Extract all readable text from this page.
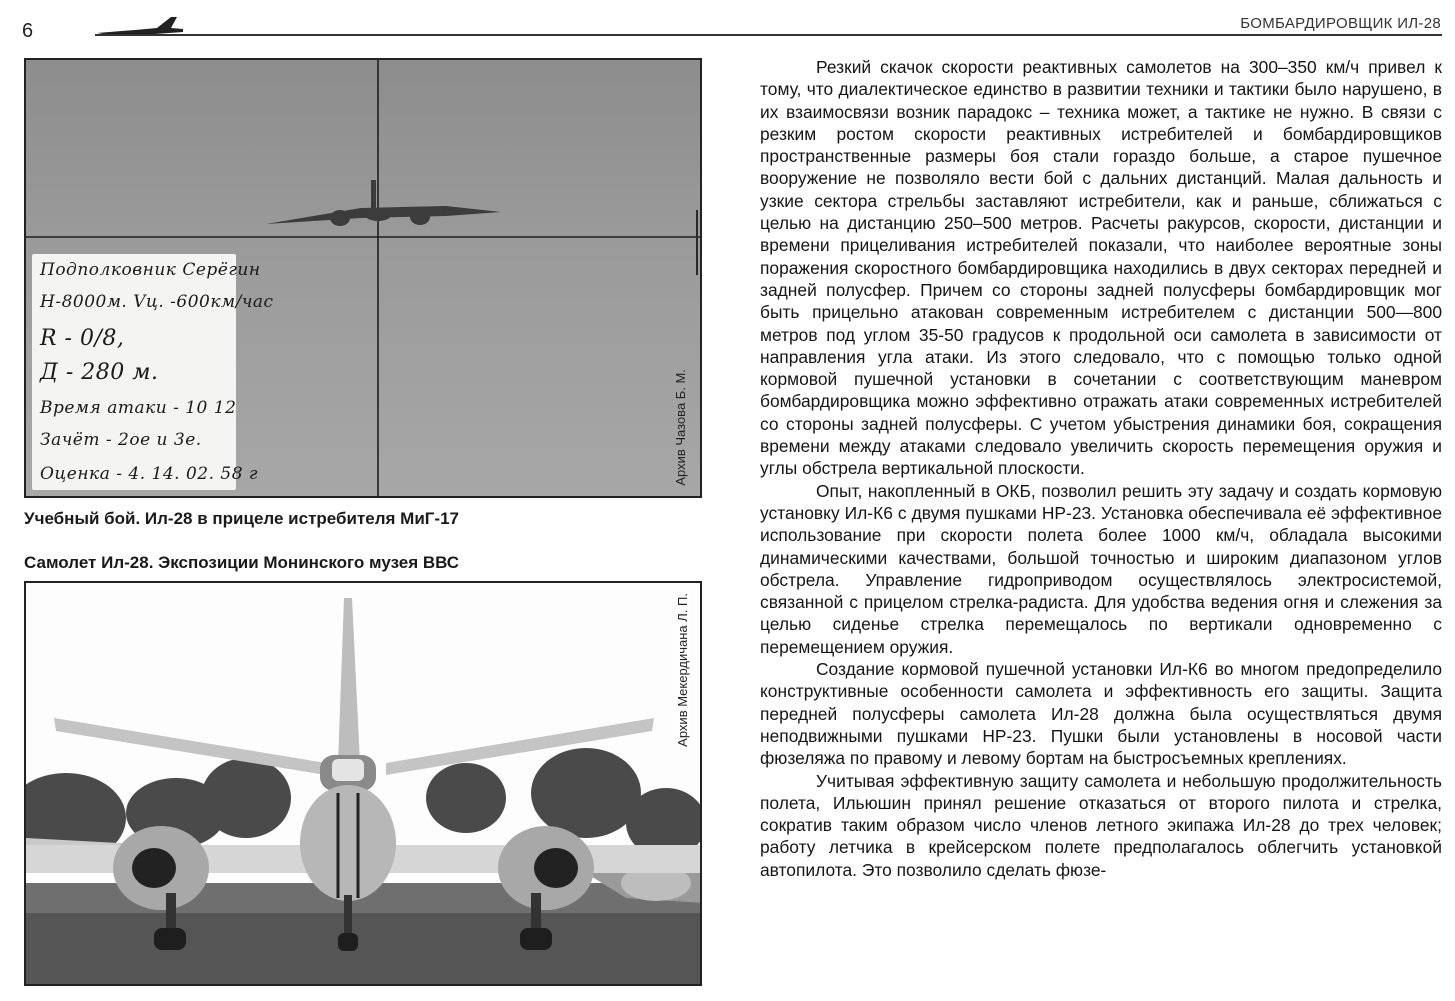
6	БОМБАРДИРОВЩИК ИЛ-28
Подполковник Серёгин
Н-8000м. Vц. -600км/час
R - 0/8,
Д - 280 м.
Время атаки - 10 12
Зачёт - 2ое и 3е.
Оценка - 4. 14. 02. 58 г	Архив Чазова Б. М.
Учебный бой. Ил-28 в прицеле истребителя МиГ-17
Самолет Ил-28. Экспозиции Монинского музея ВВС
Архив Мекердичана Л. П.

Резкий скачок скорости реактивных самолетов на 300–350 км/ч привел к тому, что диалектическое единство в развитии техники и тактики было нарушено, в их взаимосвязи возник парадокс – техника может, а тактике не нужно. В связи с резким ростом скорости реактивных истребителей и бомбардировщиков пространственные размеры боя стали гораздо больше, а старое пушечное вооружение не позволяло вести бой с дальних дистанций. Малая дальность и узкие сектора стрельбы заставляют истребители, как и раньше, сближаться с целью на дистанцию 250–500 метров. Расчеты ракурсов, скорости, дистанции и времени прицеливания истребителей показали, что наиболее вероятные зоны поражения скоростного бомбардировщика находились в двух секторах передней и задней полусфер. Причем со стороны задней полусферы бомбардировщик мог быть прицельно атакован современным истребителем с дистанции 500—800 метров под углом 35-50 градусов к продольной оси самолета в зависимости от направления угла атаки. Из этого следовало, что с помощью только одной кормовой пушечной установки в сочетании с соответствующим маневром бомбардировщика можно эффективно отражать атаки современных истребителей со стороны задней полусферы. С учетом убыстрения динамики боя, сокращения времени между атаками следовало увеличить скорость перемещения оружия и углы обстрела вертикальной плоскости.

Опыт, накопленный в ОКБ, позволил решить эту задачу и создать кормовую установку Ил-К6 с двумя пушками НР-23. Установка обеспечивала её эффективное использование при скорости полета более 1000 км/ч, обладала высокими динамическими качествами, большой точностью и широким диапазоном углов обстрела. Управление гидроприводом осуществлялось электросистемой, связанной с прицелом стрелка-радиста. Для удобства ведения огня и слежения за целью сиденье стрелка перемещалось по вертикали одновременно с перемещением оружия.

Создание кормовой пушечной установки Ил-К6 во многом предопределило конструктивные особенности самолета и эффективность его защиты. Защита передней полусферы самолета Ил-28 должна была осуществляться двумя неподвижными пушками НР-23. Пушки были установлены в носовой части фюзеляжа по правому и левому бортам на быстросъемных креплениях.

Учитывая эффективную защиту самолета и небольшую продолжительность полета, Ильюшин принял решение отказаться от второго пилота и стрелка, сократив таким образом число членов летного экипажа Ил-28 до трех человек; работу летчика в крейсерском полете предполагалось облегчить установкой автопилота. Это позволило сделать фюзе-
